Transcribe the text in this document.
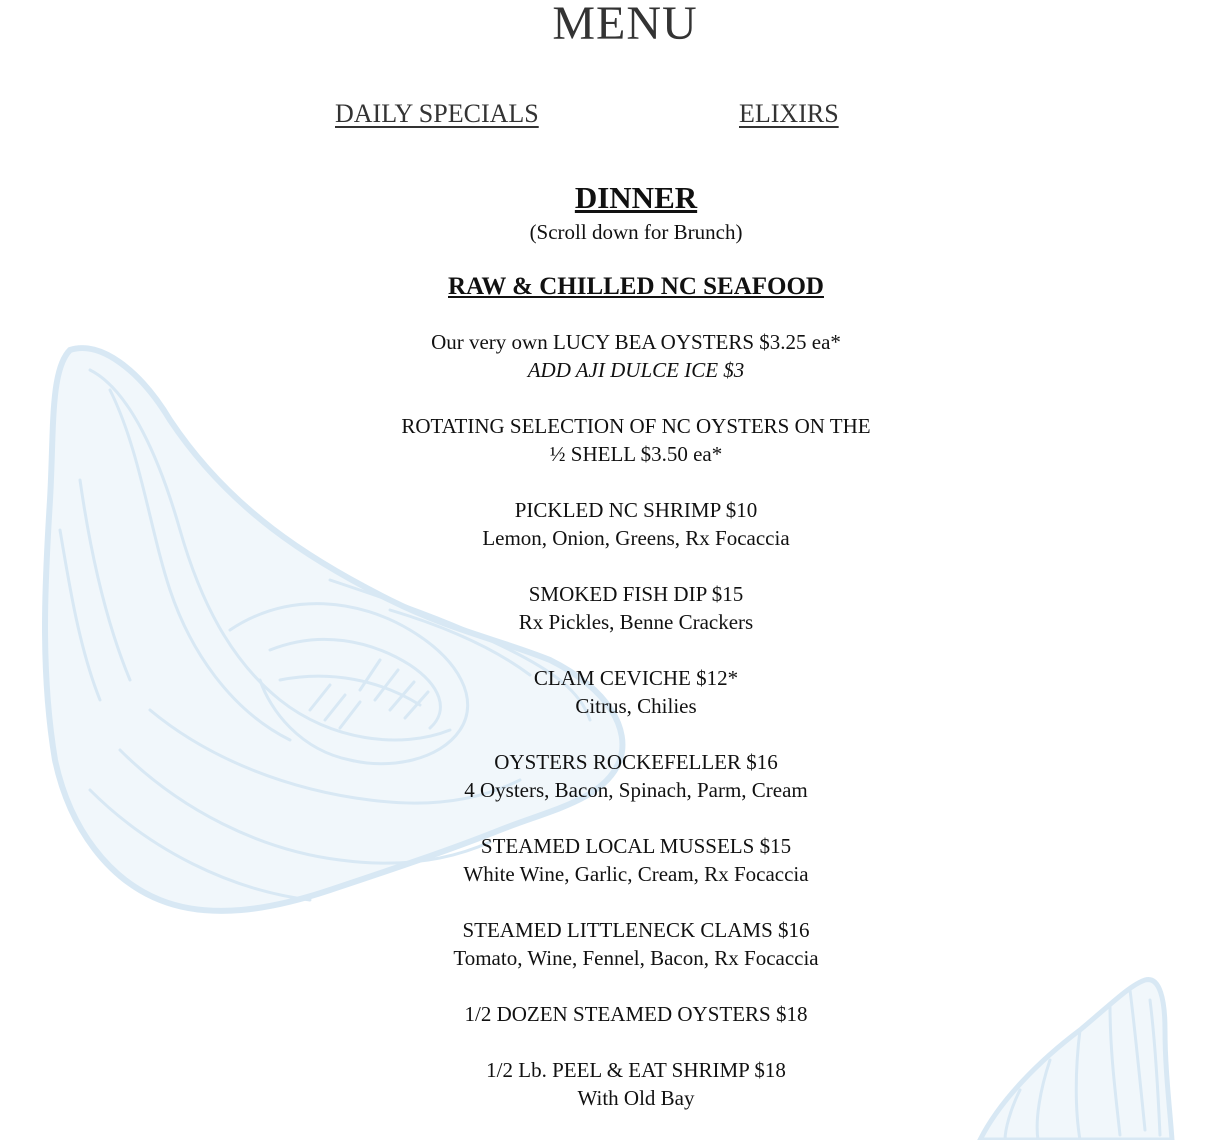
MENU
DAILY SPECIALS	ELIXIRS
DINNER

(Scroll down for Brunch)

RAW & CHILLED NC SEAFOOD

Our very own LUCY BEA OYSTERS $3.25 ea*

ADD AJI DULCE ICE $3

ROTATING SELECTION OF NC OYSTERS ON THE ½ SHELL $3.50 ea*

PICKLED NC SHRIMP $10

Lemon, Onion, Greens, Rx Focaccia

SMOKED FISH DIP $15

Rx Pickles, Benne Crackers

CLAM CEVICHE $12*

Citrus, Chilies

OYSTERS ROCKEFELLER $16

4 Oysters, Bacon, Spinach, Parm, Cream

STEAMED LOCAL MUSSELS $15

White Wine, Garlic, Cream, Rx Focaccia

STEAMED LITTLENECK CLAMS $16

Tomato, Wine, Fennel, Bacon, Rx Focaccia

1/2 DOZEN STEAMED OYSTERS $18

1/2 Lb. PEEL & EAT SHRIMP $18

With Old Bay
